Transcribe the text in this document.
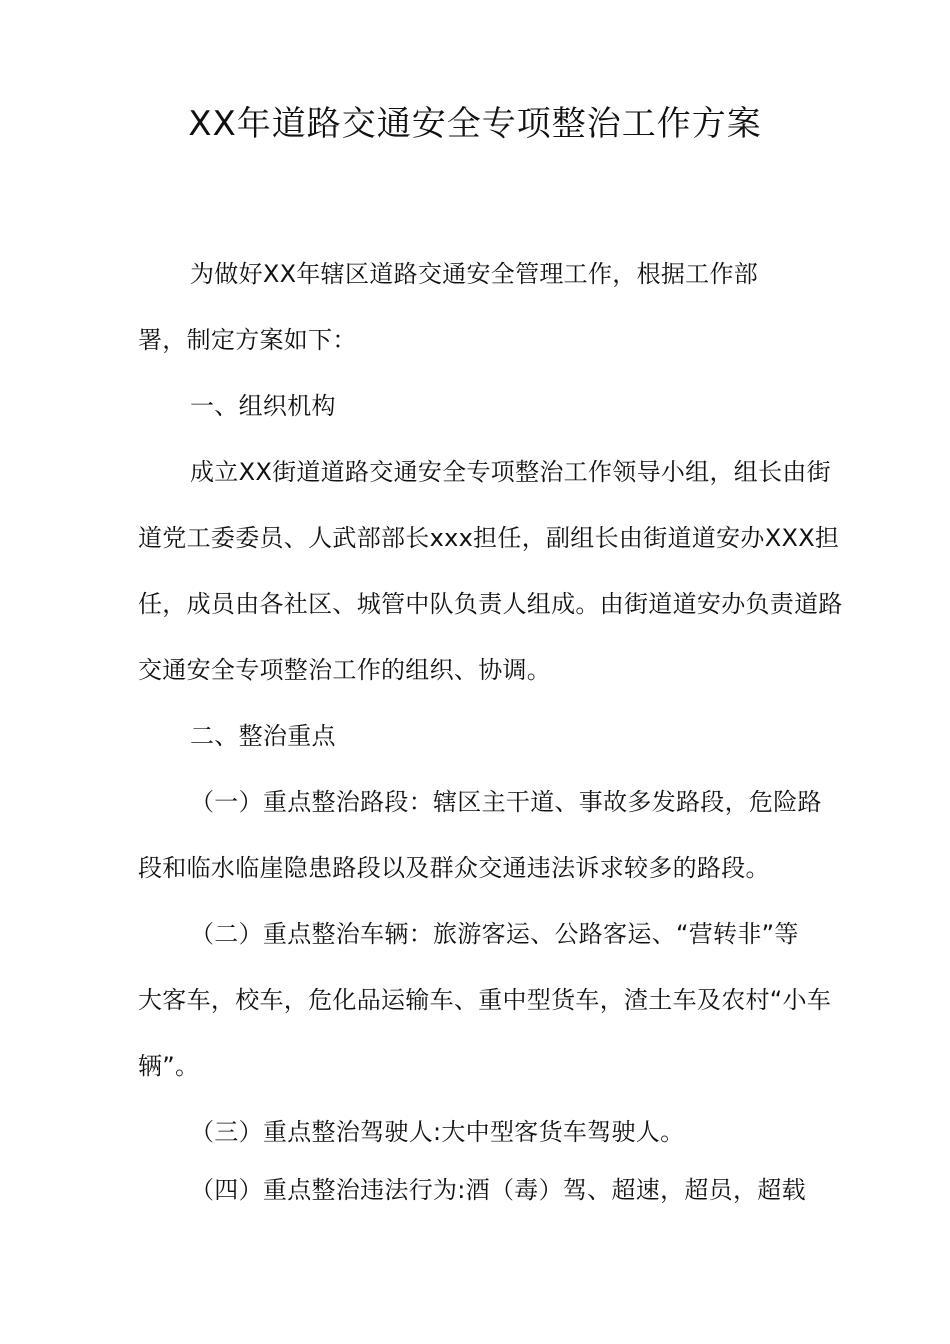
XX年道路交通安全专项整治工作方案
为做好XX年辖区道路交通安全管理工作，根据工作部
署，制定方案如下：
一、组织机构
成立XX街道道路交通安全专项整治工作领导小组，组长由街
道党工委委员、人武部部长xxx担任，副组长由街道道安办XXX担
任，成员由各社区、城管中队负责人组成。由街道道安办负责道路
交通安全专项整治工作的组织、协调。
二、整治重点
（一）重点整治路段：辖区主干道、事故多发路段，危险路
段和临水临崖隐患路段以及群众交通违法诉求较多的路段。
（二）重点整治车辆：旅游客运、公路客运、“营转非”等
大客车，校车，危化品运输车、重中型货车，渣土车及农村“小车
辆”。
（三）重点整治驾驶人:大中型客货车驾驶人。
（四）重点整治违法行为:酒（毒）驾、超速，超员，超载
